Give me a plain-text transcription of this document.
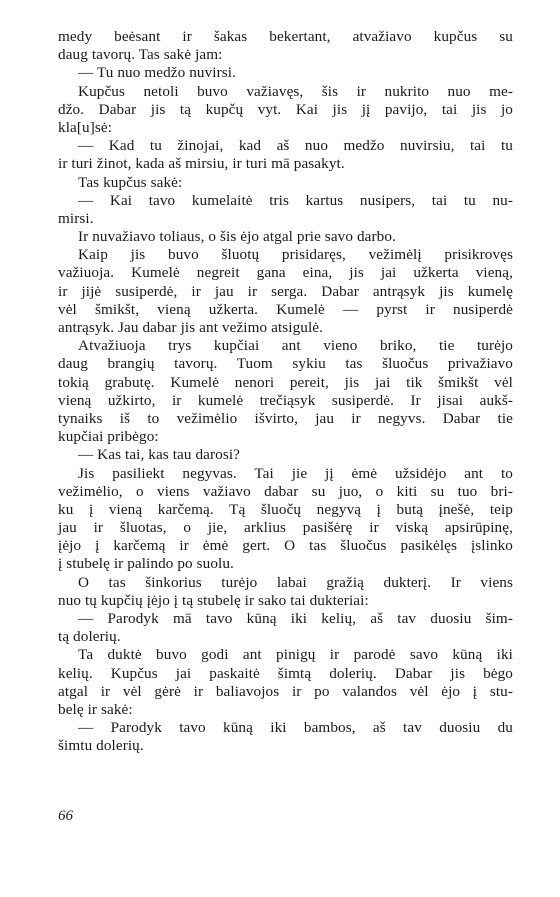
medy beėsant ir šakas bekertant, atvažiavo kupčus su
daug tavorų. Tas sakė jam:
— Tu nuo medžo nuvirsi.
Kupčus netoli buvo važiavęs, šis ir nukrito nuo me-
džo. Dabar jis tą kupčų vyt. Kai jis jį pavijo, tai jis jo
kla[u]sė:
— Kad tu žinojai, kad aš nuo medžo nuvirsiu, tai tu
ir turi žinot, kada aš mirsiu, ir turi mā pasakyt.
Tas kupčus sakė:
— Kai tavo kumelaitė tris kartus nusipers, tai tu nu-
mirsi.
Ir nuvažiavo toliaus, o šis ėjo atgal prie savo darbo.
Kaip jis buvo šluotų prisidaręs, vežimėlį prisikrovęs
važiuoja. Kumelė negreit gana eina, jis jai užkerta vieną,
ir jijė susiperdė, ir jau ir serga. Dabar antrąsyk jis kumelę
vėl šmikšt, vieną užkerta. Kumelė — pyrst ir nusiperdė
antrąsyk. Jau dabar jis ant vežimo atsigulė.
Atvažiuoja trys kupčiai ant vieno briko, tie turėjo
daug brangių tavorų. Tuom sykiu tas šluočus privažiavo
tokią grabutę. Kumelė nenori pereit, jis jai tik šmikšt vėl
vieną užkirto, ir kumelė trečiąsyk susiperdė. Ir jisai aukš-
tynaiks iš to vežimėlio išvirto, jau ir negyvs. Dabar tie
kupčiai pribėgo:
— Kas tai, kas tau darosi?
Jis pasiliekt negyvas. Tai jie jį ėmė užsidėjo ant to
vežimėlio, o viens važiavo dabar su juo, o kiti su tuo bri-
ku į vieną karčemą. Tą šluočų negyvą į butą įnešė, teip
jau ir šluotas, o jie, arklius pasišėrę ir viską apsirūpinę,
įėjo į karčemą ir ėmė gert. O tas šluočus pasikėlęs įslinko
į stubelę ir palindo po suolu.
O tas šinkorius turėjo labai gražią dukterį. Ir viens
nuo tų kupčių įėjo į tą stubelę ir sako tai dukteriai:
— Parodyk mā tavo kūną iki kelių, aš tav duosiu šim-
tą dolerių.
Ta duktė buvo godi ant pinigų ir parodė savo kūną iki
kelių. Kupčus jai paskaitė šimtą dolerių. Dabar jis bėgo
atgal ir vėl gėrė ir baliavojos ir po valandos vėl ėjo į stu-
belę ir sakė:
— Parodyk tavo kūną iki bambos, aš tav duosiu du
šimtu dolerių.
66
